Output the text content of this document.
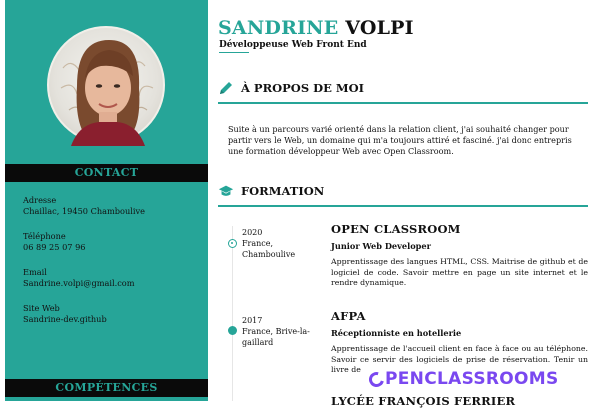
CONTACT
Adresse
Chaillac, 19450 Chamboulive
Téléphone
06 89 25 07 96
Email
Sandrine.volpi@gmail.com
Site Web
Sandrine-dev.github
COMPÉTENCES
SANDRINE VOLPI
Développeuse Web Front End
À PROPOS DE MOI
Suite à un parcours varié orienté dans la relation client, j'ai souhaité changer pour partir vers le Web, un domaine qui m'a toujours attiré et fasciné. j'ai donc entrepris une formation développeur Web avec Open Classroom.
FORMATION
2020
France, Chamboulive
OPEN CLASSROOM
Junior Web Developer
Apprentissage des langues HTML, CSS. Maitrise de github et de logiciel de code. Savoir mettre en page un site internet et le rendre dynamique.
2017
France, Brive-la-gaillard
AFPA
Réceptionniste en hotellerie
Apprentissage de l'accueil client en face à face ou au téléphone. Savoir ce servir des logiciels de prise de réservation. Tenir un livre de
LYCÉE FRANÇOIS FERRIER
PENCLASSROOMS
